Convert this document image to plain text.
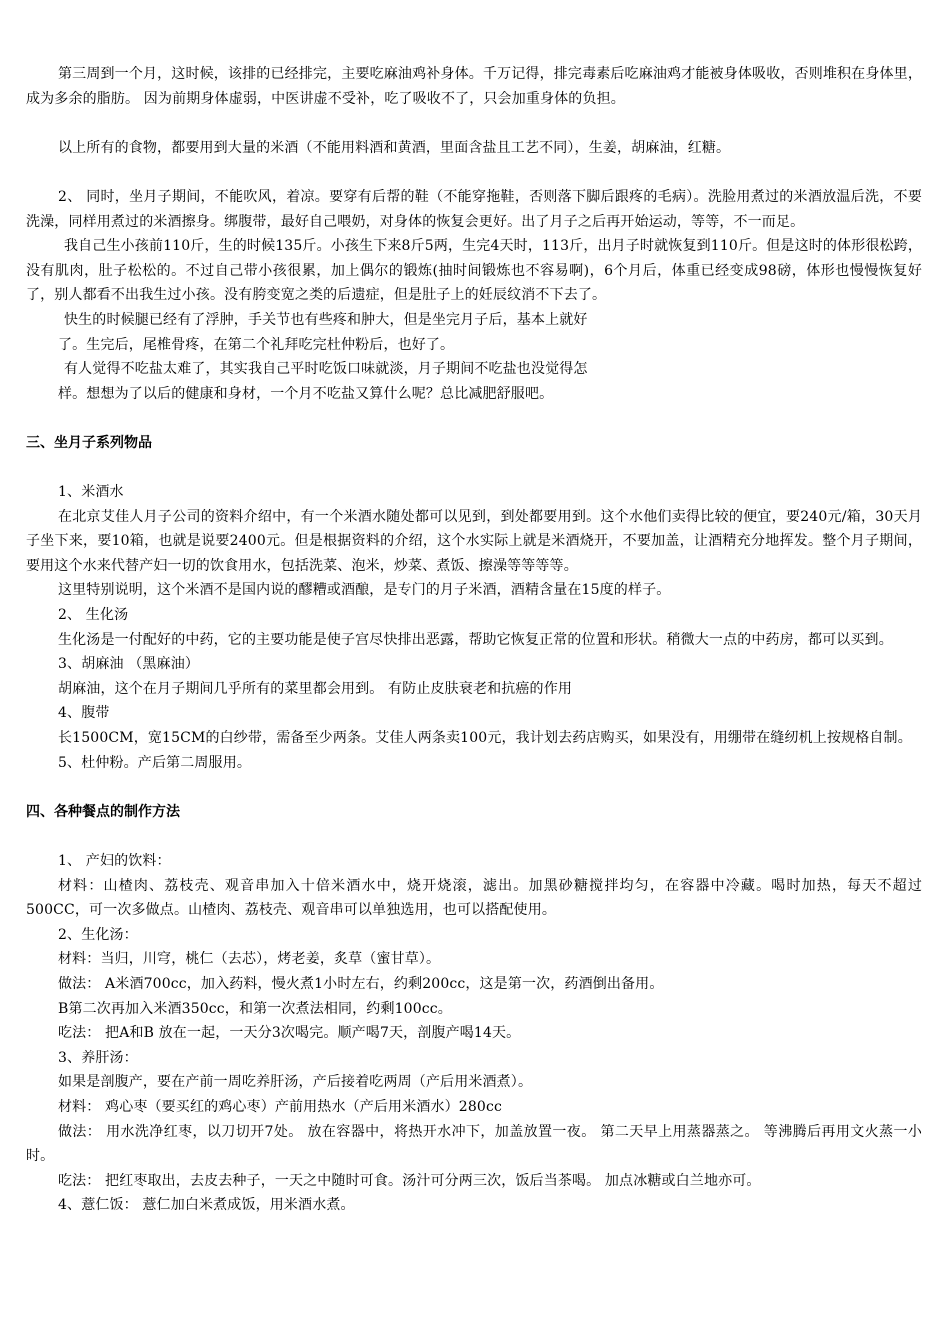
第三周到一个月，这时候，该排的已经排完，主要吃麻油鸡补身体。千万记得，排完毒素后吃麻油鸡才能被身体吸收，否则堆积在身体里，成为多余的脂肪。 因为前期身体虚弱，中医讲虚不受补，吃了吸收不了，只会加重身体的负担。

以上所有的食物，都要用到大量的米酒（不能用料酒和黄酒，里面含盐且工艺不同），生姜，胡麻油，红糖。

2、 同时，坐月子期间，不能吹风，着凉。要穿有后帮的鞋（不能穿拖鞋，否则落下脚后跟疼的毛病）。洗脸用煮过的米酒放温后洗，不要洗澡，同样用煮过的米酒擦身。绑腹带，最好自己喂奶，对身体的恢复会更好。出了月子之后再开始运动，等等，不一而足。

我自己生小孩前110斤，生的时候135斤。小孩生下来8斤5两，生完4天时，113斤，出月子时就恢复到110斤。但是这时的体形很松跨，没有肌肉，肚子松松的。不过自己带小孩很累，加上偶尔的锻炼(抽时间锻炼也不容易啊)，6个月后，体重已经变成98磅，体形也慢慢恢复好了，别人都看不出我生过小孩。没有胯变宽之类的后遗症，但是肚子上的妊辰纹消不下去了。

快生的时候腿已经有了浮肿，手关节也有些疼和肿大，但是坐完月子后，基本上就好

了。生完后，尾椎骨疼，在第二个礼拜吃完杜仲粉后，也好了。

有人觉得不吃盐太难了，其实我自己平时吃饭口味就淡，月子期间不吃盐也没觉得怎

样。想想为了以后的健康和身材，一个月不吃盐又算什么呢？总比减肥舒服吧。

三、坐月子系列物品

1、米酒水

在北京艾佳人月子公司的资料介绍中，有一个米酒水随处都可以见到，到处都要用到。这个水他们卖得比较的便宜，要240元/箱，30天月子坐下来，要10箱，也就是说要2400元。但是根据资料的介绍，这个水实际上就是米酒烧开，不要加盖，让酒精充分地挥发。整个月子期间，要用这个水来代替产妇一切的饮食用水，包括洗菜、泡米，炒菜、煮饭、擦澡等等等等。

这里特别说明，这个米酒不是国内说的醪糟或酒酿，是专门的月子米酒，酒精含量在15度的样子。

2、 生化汤

生化汤是一付配好的中药，它的主要功能是使子宫尽快排出恶露，帮助它恢复正常的位置和形状。稍微大一点的中药房，都可以买到。

3、胡麻油 （黑麻油）

胡麻油，这个在月子期间几乎所有的菜里都会用到。 有防止皮肤衰老和抗癌的作用

4、腹带

长1500CM，宽15CM的白纱带，需备至少两条。艾佳人两条卖100元，我计划去药店购买，如果没有，用绷带在缝纫机上按规格自制。

5、杜仲粉。产后第二周服用。

四、各种餐点的制作方法

1、 产妇的饮料：

材料：山楂肉、荔枝壳、观音串加入十倍米酒水中，烧开烧滚，滤出。加黑砂糖搅拌均匀，在容器中冷藏。喝时加热，每天不超过500CC，可一次多做点。山楂肉、荔枝壳、观音串可以单独选用，也可以搭配使用。

2、生化汤：

材料：当归，川穹，桃仁（去芯），烤老姜，炙草（蜜甘草）。

做法： A米酒700cc，加入药料，慢火煮1小时左右，约剩200cc，这是第一次，药酒倒出备用。

B第二次再加入米酒350cc，和第一次煮法相同，约剩100cc。

吃法： 把A和B 放在一起，一天分3次喝完。顺产喝7天，剖腹产喝14天。

3、养肝汤：

如果是剖腹产，要在产前一周吃养肝汤，产后接着吃两周（产后用米酒煮）。

材料： 鸡心枣（要买红的鸡心枣）产前用热水（产后用米酒水）280cc

做法： 用水洗净红枣，以刀切开7处。 放在容器中，将热开水冲下，加盖放置一夜。 第二天早上用蒸器蒸之。 等沸腾后再用文火蒸一小时。

吃法： 把红枣取出，去皮去种子，一天之中随时可食。汤汁可分两三次，饭后当茶喝。 加点冰糖或白兰地亦可。

4、薏仁饭： 薏仁加白米煮成饭，用米酒水煮。
